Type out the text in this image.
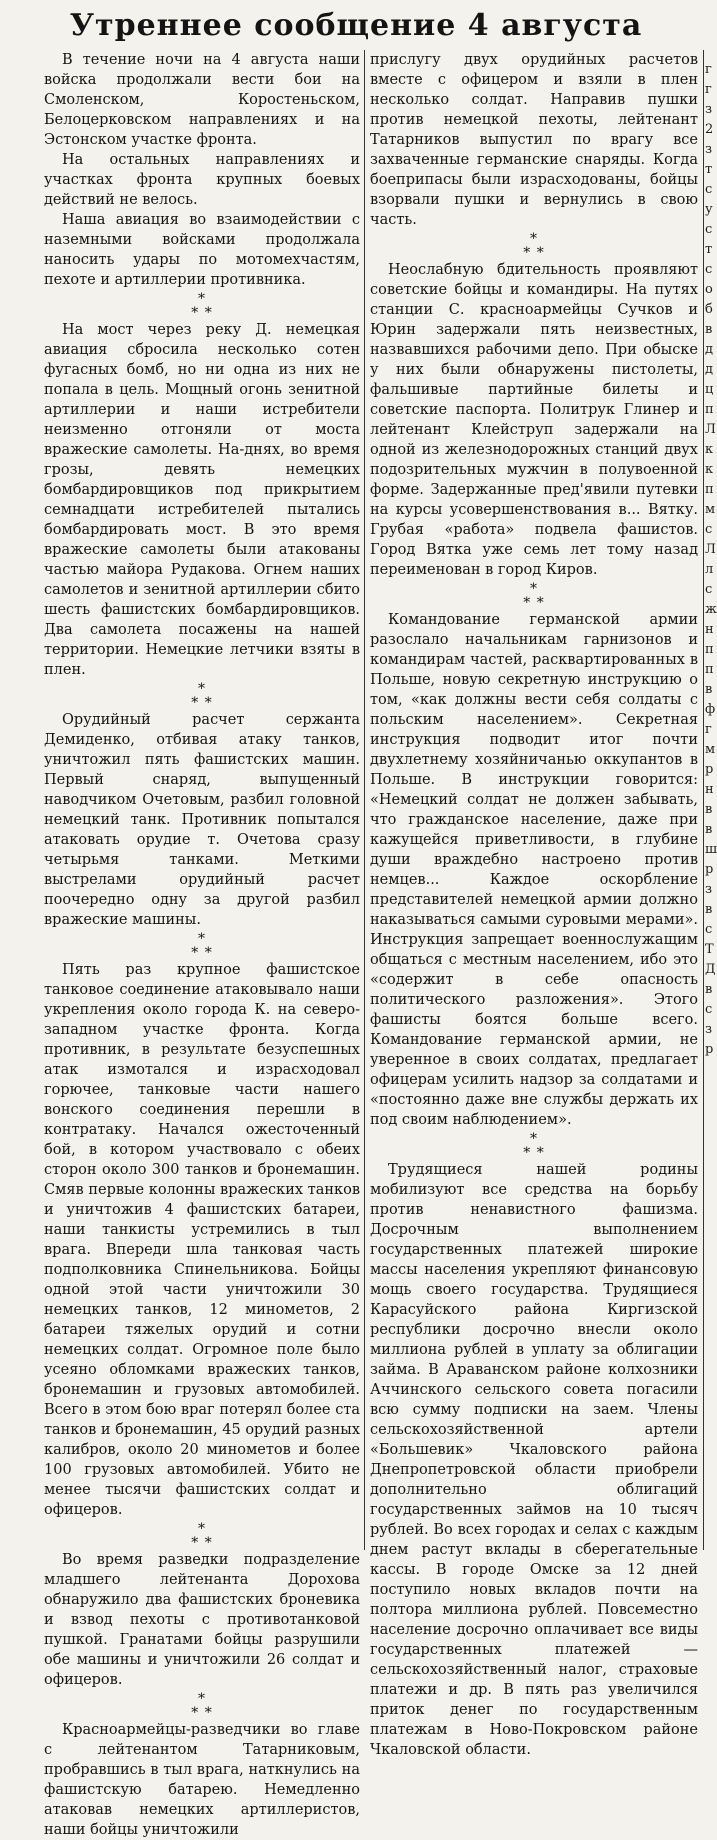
Утреннее сообщение 4 августа

В течение ночи на 4 августа наши войска продолжали вести бои на Смоленском, Коростеньском, Белоцерковском направлениях и на Эстонском участке фронта.

На остальных направлениях и участках фронта крупных боевых действий не велось.

Наша авиация во взаимодействии с наземными войсками продолжала наносить удары по мотомехчастям, пехоте и артиллерии противника.

*
* *

На мост через реку Д. немецкая авиация сбросила несколько сотен фугасных бомб, но ни одна из них не попала в цель. Мощный огонь зенитной артиллерии и наши истребители неизменно отгоняли от моста вражеские самолеты. На-днях, во время грозы, девять немецких бомбардировщиков под прикрытием семнадцати истребителей пытались бомбардировать мост. В это время вражеские самолеты были атакованы частью майора Рудакова. Огнем наших самолетов и зенитной артиллерии сбито шесть фашистских бомбардировщиков. Два самолета посажены на нашей территории. Немецкие летчики взяты в плен.

*
* *

Орудийный расчет сержанта Демиденко, отбивая атаку танков, уничтожил пять фашистских машин. Первый снаряд, выпущенный наводчиком Очетовым, разбил головной немецкий танк. Противник попытался атаковать орудие т. Очетова сразу четырьмя танками. Меткими выстрелами орудийный расчет поочередно одну за другой разбил вражеские машины.

*
* *

Пять раз крупное фашистское танковое соединение атаковывало наши укрепления около города К. на северо-западном участке фронта. Когда противник, в результате безуспешных атак измотался и израсходовал горючее, танковые части нашего вонского соединения перешли в контратаку. Начался ожесточенный бой, в котором участвовало с обеих сторон около 300 танков и бронемашин. Смяв первые колонны вражеских танков и уничтожив 4 фашистских батареи, наши танкисты устремились в тыл врага. Впереди шла танковая часть подполковника Спинельникова. Бойцы одной этой части уничтожили 30 немецких танков, 12 минометов, 2 батареи тяжелых орудий и сотни немецких солдат. Огромное поле было усеяно обломками вражеских танков, бронемашин и грузовых автомобилей. Всего в этом бою враг потерял более ста танков и бронемашин, 45 орудий разных калибров, около 20 минометов и более 100 грузовых автомобилей. Убито не менее тысячи фашистских солдат и офицеров.

*
* *

Во время разведки подразделение младшего лейтенанта Дорохова обнаружило два фашистских броневика и взвод пехоты с противотанковой пушкой. Гранатами бойцы разрушили обе машины и уничтожили 26 солдат и офицеров.

*
* *

Красноармейцы-разведчики во главе с лейтенантом Татарниковым, пробравшись в тыл врага, наткнулись на фашистскую батарею. Немедленно атаковав немецких артиллеристов, наши бойцы уничтожили

прислугу двух орудийных расчетов вместе с офицером и взяли в плен несколько солдат. Направив пушки против немецкой пехоты, лейтенант Татарников выпустил по врагу все захваченные германские снаряды. Когда боеприпасы были израсходованы, бойцы взорвали пушки и вернулись в свою часть.

*
* *

Неослабную бдительность проявляют советские бойцы и командиры. На путях станции С. красноармейцы Сучков и Юрин задержали пять неизвестных, назвавшихся рабочими депо. При обыске у них были обнаружены пистолеты, фальшивые партийные билеты и советские паспорта. Политрук Глинер и лейтенант Клейструп задержали на одной из железнодорожных станций двух подозрительных мужчин в полувоенной форме. Задержанные пред'явили путевки на курсы усовершенствования в... Вятку. Грубая «работа» подвела фашистов. Город Вятка уже семь лет тому назад переименован в город Киров.

*
* *

Командование германской армии разослало начальникам гарнизонов и командирам частей, расквартированных в Польше, новую секретную инструкцию о том, «как должны вести себя солдаты с польским населением». Секретная инструкция подводит итог почти двухлетнему хозяйничанью оккупантов в Польше. В инструкции говорится: «Немецкий солдат не должен забывать, что гражданское население, даже при кажущейся приветливости, в глубине души враждебно настроено против немцев... Каждое оскорбление представителей немецкой армии должно наказываться самыми суровыми мерами». Инструкция запрещает военнослужащим общаться с местным населением, ибо это «содержит в себе опасность политического разложения». Этого фашисты боятся больше всего. Командование германской армии, не уверенное в своих солдатах, предлагает офицерам усилить надзор за солдатами и «постоянно даже вне службы держать их под своим наблюдением».

*
* *

Трудящиеся нашей родины мобилизуют все средства на борьбу против ненавистного фашизма. Досрочным выполнением государственных платежей широкие массы населения укрепляют финансовую мощь своего государства. Трудящиеся Карасуйского района Киргизской республики досрочно внесли около миллиона рублей в уплату за облигации займа. В Араванском районе колхозники Аччинского сельского совета погасили всю сумму подписки на заем. Члены сельскохозяйственной артели «Большевик» Чкаловского района Днепропетровской области приобрели дополнительно облигаций государственных займов на 10 тысяч рублей. Во всех городах и селах с каждым днем растут вклады в сберегательные кассы. В городе Омске за 12 дней поступило новых вкладов почти на полтора миллиона рублей. Повсеместно население досрочно оплачивает все виды государственных платежей — сельскохозяйственный налог, страховые платежи и др. В пять раз увеличился приток денег по государственным платежам в Ново-Покровском районе Чкаловской области.

г
г
з
2
з
т
с
у
с
т
с
о
б
в
д
д
ц
п
Л
к
к
п
м
с
Л
л
с
ж
н
п
п
в
ф
г
м
р
н
в
в
ш
р
з
в
с
Т
Д
в
с
з
р
